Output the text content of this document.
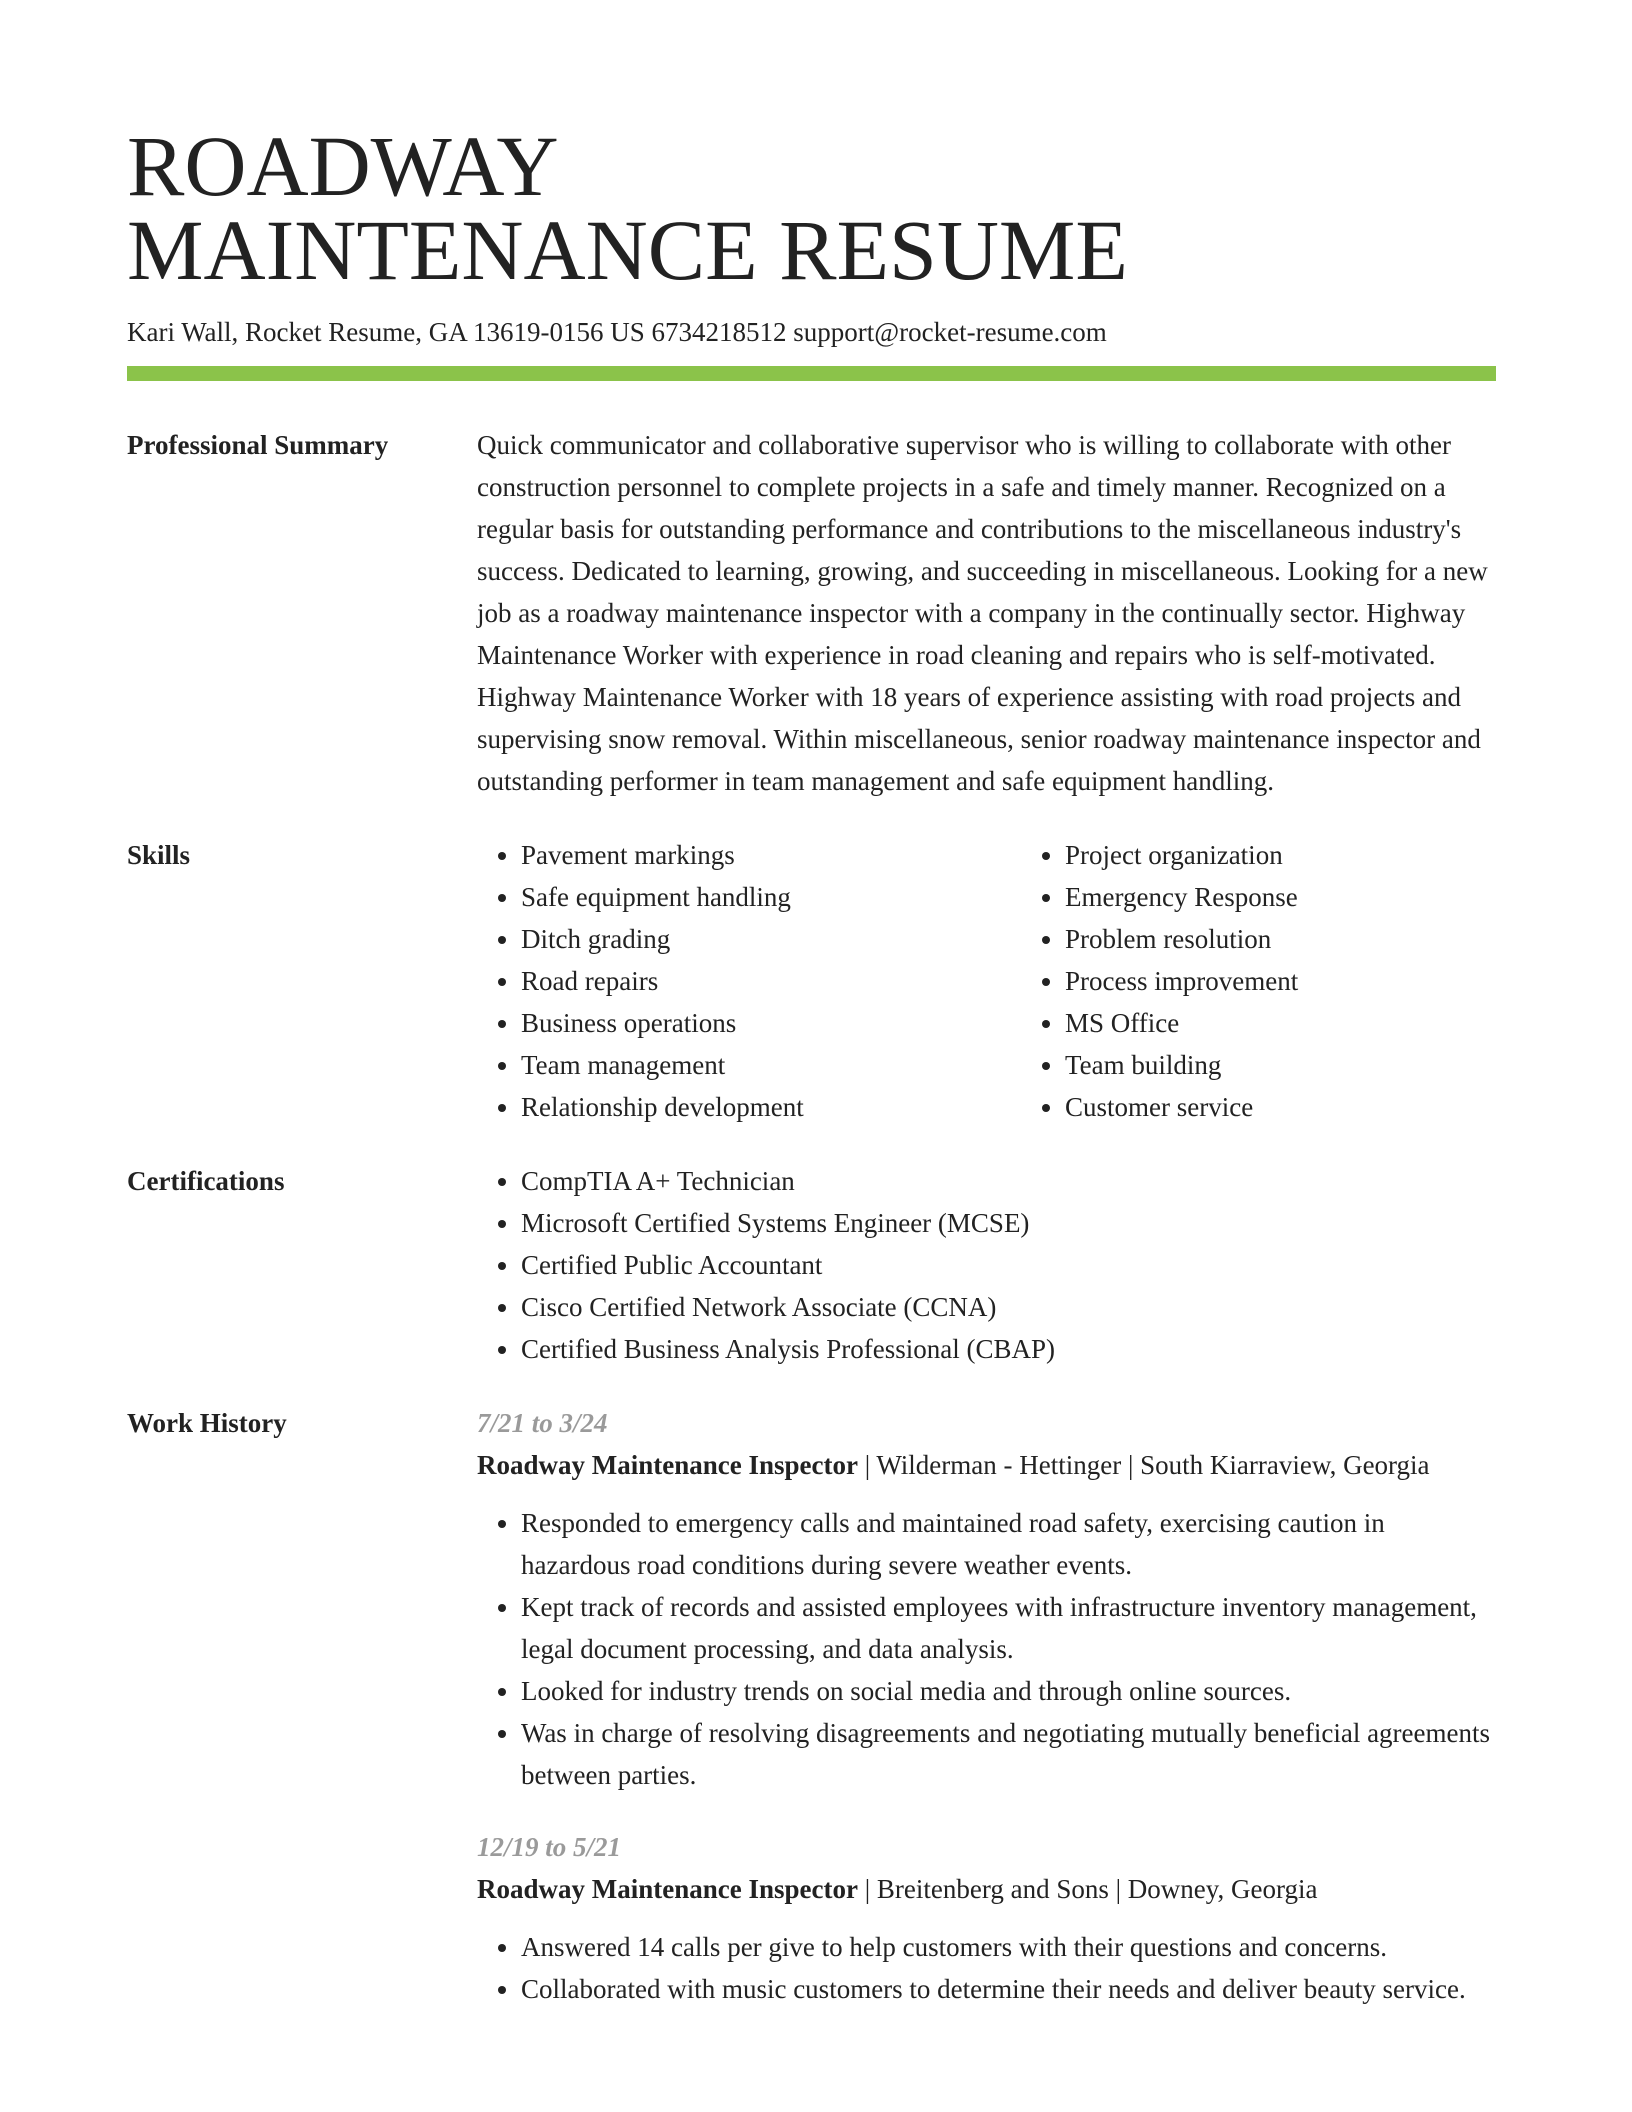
ROADWAY
MAINTENANCE RESUME
Kari Wall, Rocket Resume, GA 13619-0156 US 6734218512 support@rocket-resume.com
Professional Summary	Quick communicator and collaborative supervisor who is willing to collaborate with other construction personnel to complete projects in a safe and timely manner. Recognized on a regular basis for outstanding performance and contributions to the miscellaneous industry's success. Dedicated to learning, growing, and succeeding in miscellaneous. Looking for a new job as a roadway maintenance inspector with a company in the continually sector. Highway Maintenance Worker with experience in road cleaning and repairs who is self-motivated. Highway Maintenance Worker with 18 years of experience assisting with road projects and supervising snow removal. Within miscellaneous, senior roadway maintenance inspector and outstanding performer in team management and safe equipment handling.
Skills	• Pavement markings
• Safe equipment handling
• Ditch grading
• Road repairs
• Business operations
• Team management
• Relationship development
• Project organization
• Emergency Response
• Problem resolution
• Process improvement
• MS Office
• Team building
• Customer service
Certifications	• CompTIA A+ Technician
• Microsoft Certified Systems Engineer (MCSE)
• Certified Public Accountant
• Cisco Certified Network Associate (CCNA)
• Certified Business Analysis Professional (CBAP)
Work History	7/21 to 3/24
Roadway Maintenance Inspector | Wilderman - Hettinger | South Kiarraview, Georgia
• Responded to emergency calls and maintained road safety, exercising caution in hazardous road conditions during severe weather events.
• Kept track of records and assisted employees with infrastructure inventory management, legal document processing, and data analysis.
• Looked for industry trends on social media and through online sources.
• Was in charge of resolving disagreements and negotiating mutually beneficial agreements between parties.
12/19 to 5/21
Roadway Maintenance Inspector | Breitenberg and Sons | Downey, Georgia
• Answered 14 calls per give to help customers with their questions and concerns.
• Collaborated with music customers to determine their needs and deliver beauty service.
